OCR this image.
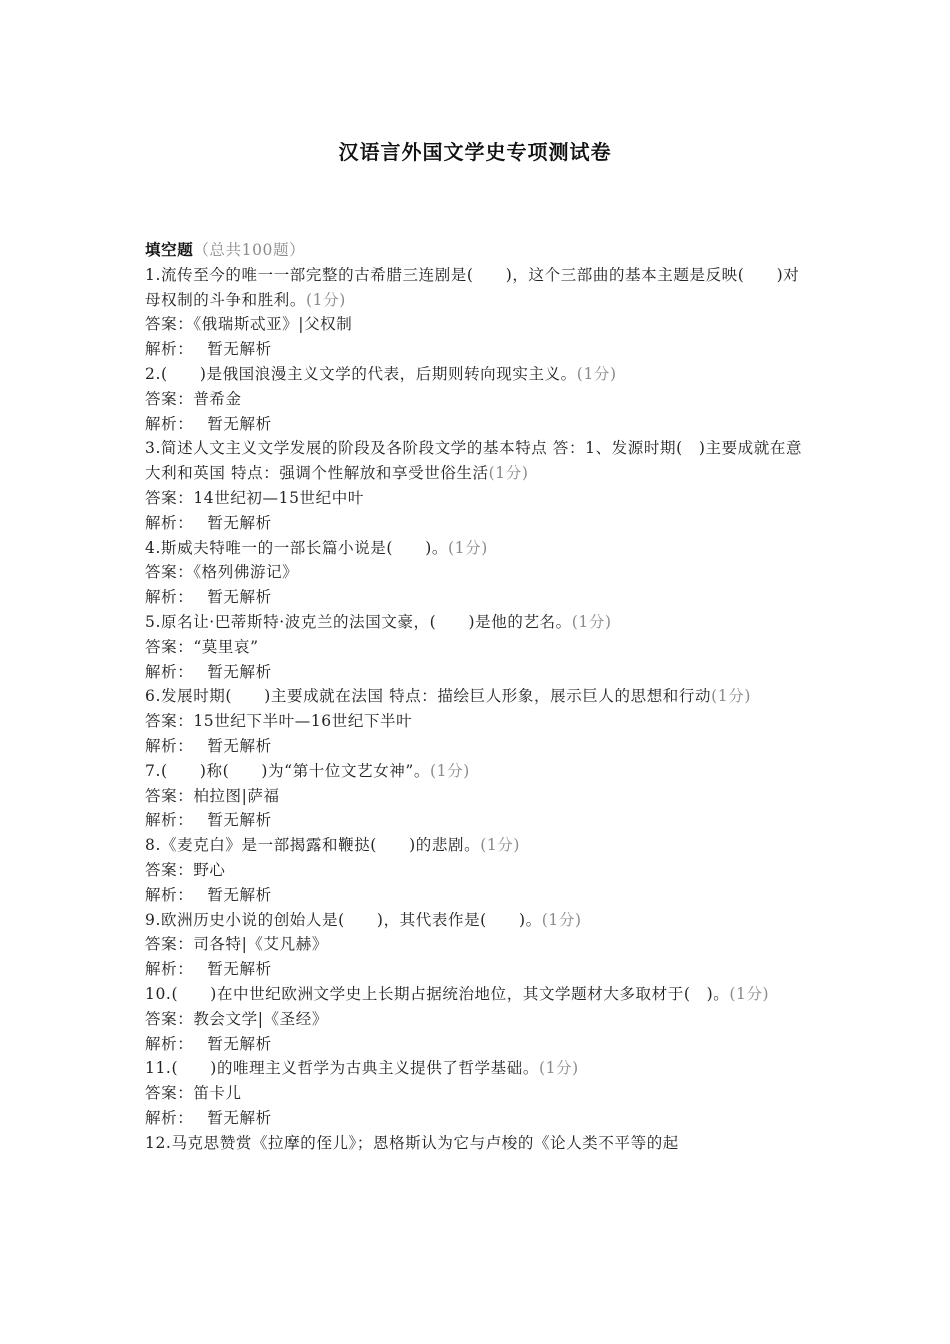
汉语言外国文学史专项测试卷
填空题（总共100题）
1.流传至今的唯一一部完整的古希腊三连剧是(　　)，这个三部曲的基本主题是反映(　　)对母权制的斗争和胜利。(1分)
答案：《俄瑞斯忒亚》|父权制
解析： 暂无解析
2.(　　)是俄国浪漫主义文学的代表，后期则转向现实主义。(1分)
答案：普希金
解析： 暂无解析
3.简述人文主义文学发展的阶段及各阶段文学的基本特点 答：1、发源时期(　)主要成就在意大利和英国 特点：强调个性解放和享受世俗生活(1分)
答案：14世纪初—15世纪中叶
解析： 暂无解析
4.斯威夫特唯一的一部长篇小说是(　　)。(1分)
答案：《格列佛游记》
解析： 暂无解析
5.原名让·巴蒂斯特·波克兰的法国文豪，(　　)是他的艺名。(1分)
答案：“莫里哀”
解析： 暂无解析
6.发展时期(　　)主要成就在法国 特点：描绘巨人形象，展示巨人的思想和行动(1分)
答案：15世纪下半叶—16世纪下半叶
解析： 暂无解析
7.(　　)称(　　)为“第十位文艺女神”。(1分)
答案：柏拉图|萨福
解析： 暂无解析
8.《麦克白》是一部揭露和鞭挞(　　)的悲剧。(1分)
答案：野心
解析： 暂无解析
9.欧洲历史小说的创始人是(　　)，其代表作是(　　)。(1分)
答案：司各特|《艾凡赫》
解析： 暂无解析
10.(　　)在中世纪欧洲文学史上长期占据统治地位，其文学题材大多取材于(　)。(1分)
答案：教会文学|《圣经》
解析： 暂无解析
11.(　　)的唯理主义哲学为古典主义提供了哲学基础。(1分)
答案：笛卡儿
解析： 暂无解析
12.马克思赞赏《拉摩的侄儿》；恩格斯认为它与卢梭的《论人类不平等的起
